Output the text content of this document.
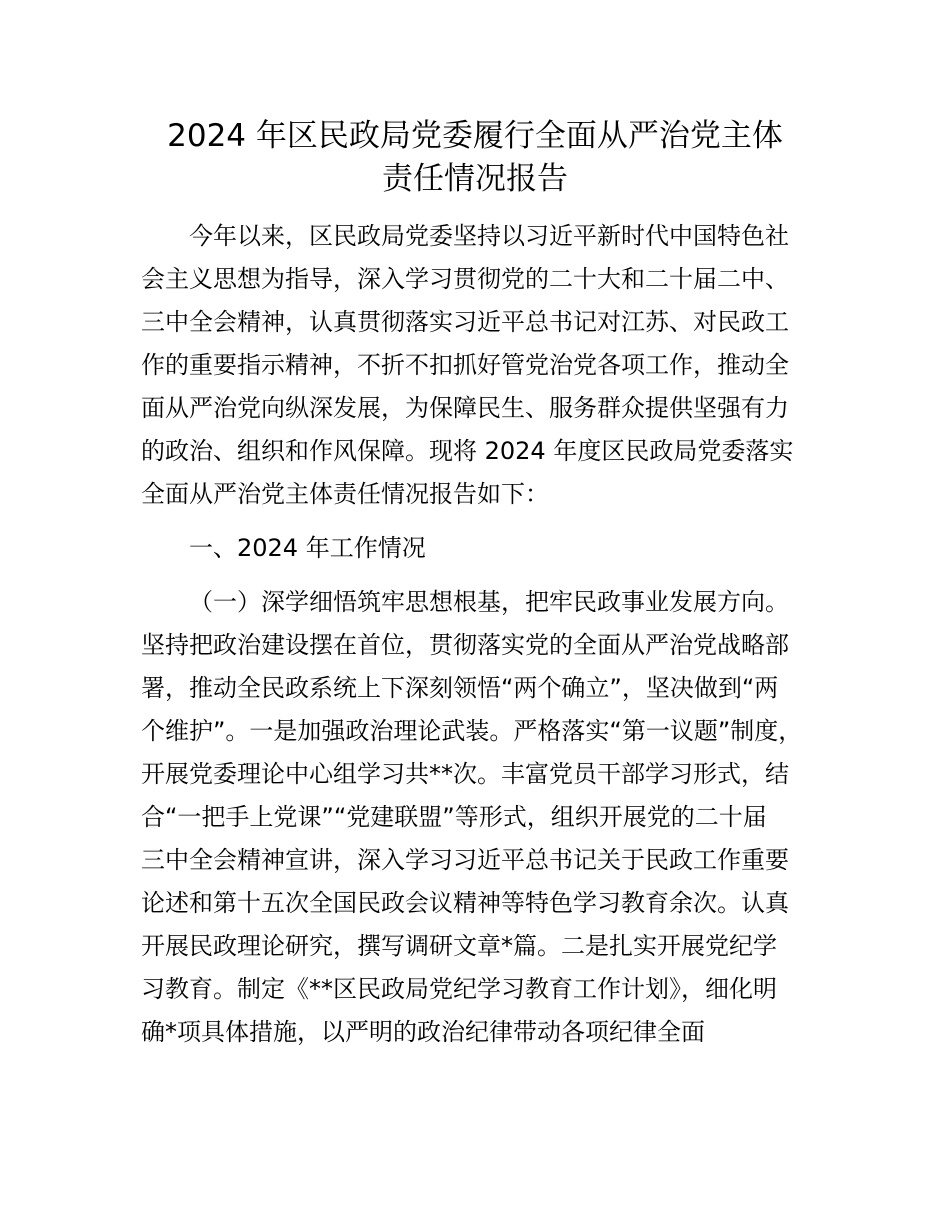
2024 年区民政局党委履行全面从严治党主体
责任情况报告
今年以来，区民政局党委坚持以习近平新时代中国特色社
会主义思想为指导，深入学习贯彻党的二十大和二十届二中、
三中全会精神，认真贯彻落实习近平总书记对江苏、对民政工
作的重要指示精神，不折不扣抓好管党治党各项工作，推动全
面从严治党向纵深发展，为保障民生、服务群众提供坚强有力
的政治、组织和作风保障。现将 2024 年度区民政局党委落实
全面从严治党主体责任情况报告如下：
一、2024 年工作情况
（一）深学细悟筑牢思想根基，把牢民政事业发展方向。
坚持把政治建设摆在首位，贯彻落实党的全面从严治党战略部
署，推动全民政系统上下深刻领悟“两个确立”，坚决做到“两
个维护”。一是加强政治理论武装。严格落实“第一议题”制度，
开展党委理论中心组学习共**次。丰富党员干部学习形式，结
合“一把手上党课”“党建联盟”等形式，组织开展党的二十届
三中全会精神宣讲，深入学习习近平总书记关于民政工作重要
论述和第十五次全国民政会议精神等特色学习教育余次。认真
开展民政理论研究，撰写调研文章*篇。二是扎实开展党纪学
习教育。制定《**区民政局党纪学习教育工作计划》，细化明
确*项具体措施，以严明的政治纪律带动各项纪律全面
